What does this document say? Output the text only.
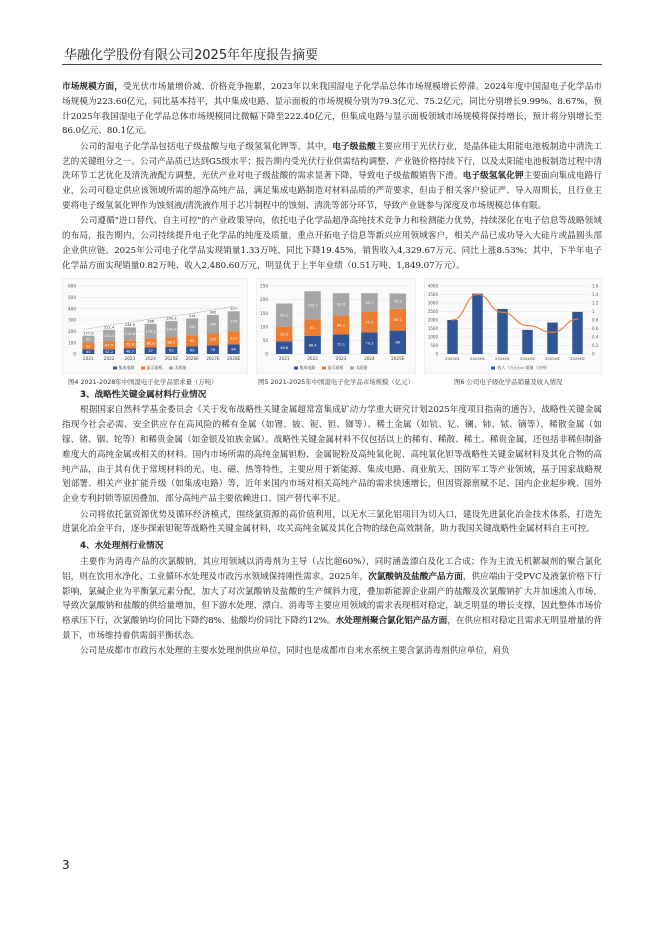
华融化学股份有限公司2025年年度报告摘要

市场规模方面，受光伏市场量增价减、价格竞争拖累，2023年以来我国湿电子化学品总体市场规模增长停滞。2024年度中国湿电子化学品市场规模为223.60亿元，同比基本持平，其中集成电路、显示面板的市场规模分别为79.3亿元、75.2亿元，同比分别增长9.99%、8.67%，预计2025年我国湿电子化学品总体市场规模同比微幅下降至222.40亿元，但集成电路与显示面板领域市场规模将保持增长，预计将分别增长至86.0亿元、80.1亿元。

公司的湿电子化学品包括电子级盐酸与电子级氢氧化钾等。其中，电子级盐酸主要应用于光伏行业，是晶体硅太阳能电池板制造中清洗工艺的关键组分之一。公司产品质已达到G5级水平；报告期内受光伏行业供需结构调整、产业链价格持续下行，以及太阳能电池板制造过程中清洗环节工艺优化及清洗液配方调整，光伏产业对电子级盐酸的需求显著下降，导致电子级盐酸销售下滑。电子级氢氧化钾主要面向集成电路行业，公司可稳定供应该领域所需的超净高纯产品，满足集成电路制造对材料品质的严苛要求，但由于相关客户验证严、导入周期长，且行业主要将电子级氢氧化钾作为蚀刻液/清洗液作用于芯片制程中的蚀刻、清洗等部分环节，导致产业链参与深度及市场规模总体有限。

公司遵循"进口替代、自主可控"的产业政策导向，依托电子化学品超净高纯技术竞争力和检测能力优势，持续深化在电子信息等战略领域的布局，报告期内，公司持续提升电子化学品的纯度及质量，重点开拓电子信息等新兴应用领域客户，相关产品已成功导入大硅片或晶圆头部企业供应链。2025年公司电子化学品实现销量1.33万吨、同比下降19.45%，销售收入4,329.67万元、同比上涨8.53%；其中，下半年电子化学品方面实现销量0.82万吨、收入2,480.60万元，明显优于上半年业绩（0.51万吨、1,849.07万元）。

0
100
200
300
400
500
600
40
61
60
177.6
2021
42.2
67.9
102.3
212.4
2022
48.5
72.6
113.8
234.9
2023
57
80.8
128.2
266
2024
63
86.5
140.8
290.3
2025E
69
95
150
314
2026E
76
105
164
345
2027E
84
115
178
377
2028E
集成电路	显示面板	太阳能
0
50
100
150
200
250
46.6
53.9
85.2
2021
66.4
61
103.2
2022
72.1
69.2
82.3
2023
79.3
75.2
69.1
2024
86
80.1
56.3
2025E
集成电路	显示面板	太阳能
0
500
1000
1500
2000
2500
3000
3500
4000
0
0.2
0.4
0.6
0.8
1
1.2
1.4
1.6
2023H1	2023H2	2024H1	2024H2	2025H1	2025H2
收入（万元） 销量（万吨）
图4 2021-2028年中国湿电子化学品需求量（万吨）	图5 2021-2025年中国湿电子化学品市场规模（亿元）	图6 公司电子级化学品销量及收入情况
3、战略性关键金属材料行业情况

根据国家自然科学基金委员会《关于发布战略性关键金属超常富集成矿动力学重大研究计划2025年度项目指南的通告》，战略性关键金属指现今社会必需、安全供应存在高风险的稀有金属（如锂、铍、铌、钽、铷等）、稀土金属（如钪、钇、镧、铈、铽、镝等）、稀散金属（如镓、锗、铟、铊等）和稀贵金属（如金银及铂族金属）。战略性关键金属材料不仅包括以上的稀有、稀散、稀土、稀贵金属，还包括非稀但制备难度大的高纯金属或相关的材料。国内市场所需的高纯金属钽粉、金属铌粉及高纯氧化铌、高纯氧化钽等战略性关键金属材料及其化合物的高纯产品，由于其有优于常规材料的光、电、磁、热等特性，主要应用于新能源、集成电路、商业航天、国防军工等产业领域，基于国家战略规划部署、相关产业扩能升级（如集成电路）等，近年来国内市场对相关高纯产品的需求快速增长，但因资源禀赋不足、国内企业起步晚、国外企业专利封锁等原因叠加，部分高纯产品主要依赖进口、国产替代率不足。

公司将依托氯资源优势及循环经济模式，围绕氯资源的高价值利用，以无水三氯化铝项目为切入口，建设先进氯化冶金技术体系，打造先进氯化冶金平台，逐步探索钽铌等战略性关键金属材料，攻关高纯金属及其化合物的绿色高效制备，助力我国关键战略性金属材料自主可控。

4、水处理剂行业情况

主要作为消毒产品的次氯酸钠，其应用领域以消毒剂为主导（占比超60%），同时涵盖漂白及化工合成；作为主流无机絮凝剂的聚合氯化铝，则在饮用水净化、工业循环水处理及市政污水领域保持刚性需求。2025年，次氯酸钠及盐酸产品方面，供应端由于受PVC及液氯价格下行影响，氯碱企业为平衡氯元素分配，加大了对次氯酸钠及盐酸的生产倾斜力度，叠加新能源企业副产的盐酸及次氯酸钠扩大并加速流入市场，导致次氯酸钠和盐酸的供给量增加，但下游水处理、漂白、消毒等主要应用领域的需求表现相对稳定，缺乏明显的增长支撑，因此整体市场价格承压下行，次氯酸钠均价同比下降约8%、盐酸均价同比下降约12%。水处理剂聚合氯化铝产品方面，在供应相对稳定且需求无明显增量的背景下，市场维持着供需弱平衡状态。

公司是成都市市政污水处理的主要水处理剂供应单位，同时也是成都市自来水系统主要含氯消毒剂供应单位，肩负

3
